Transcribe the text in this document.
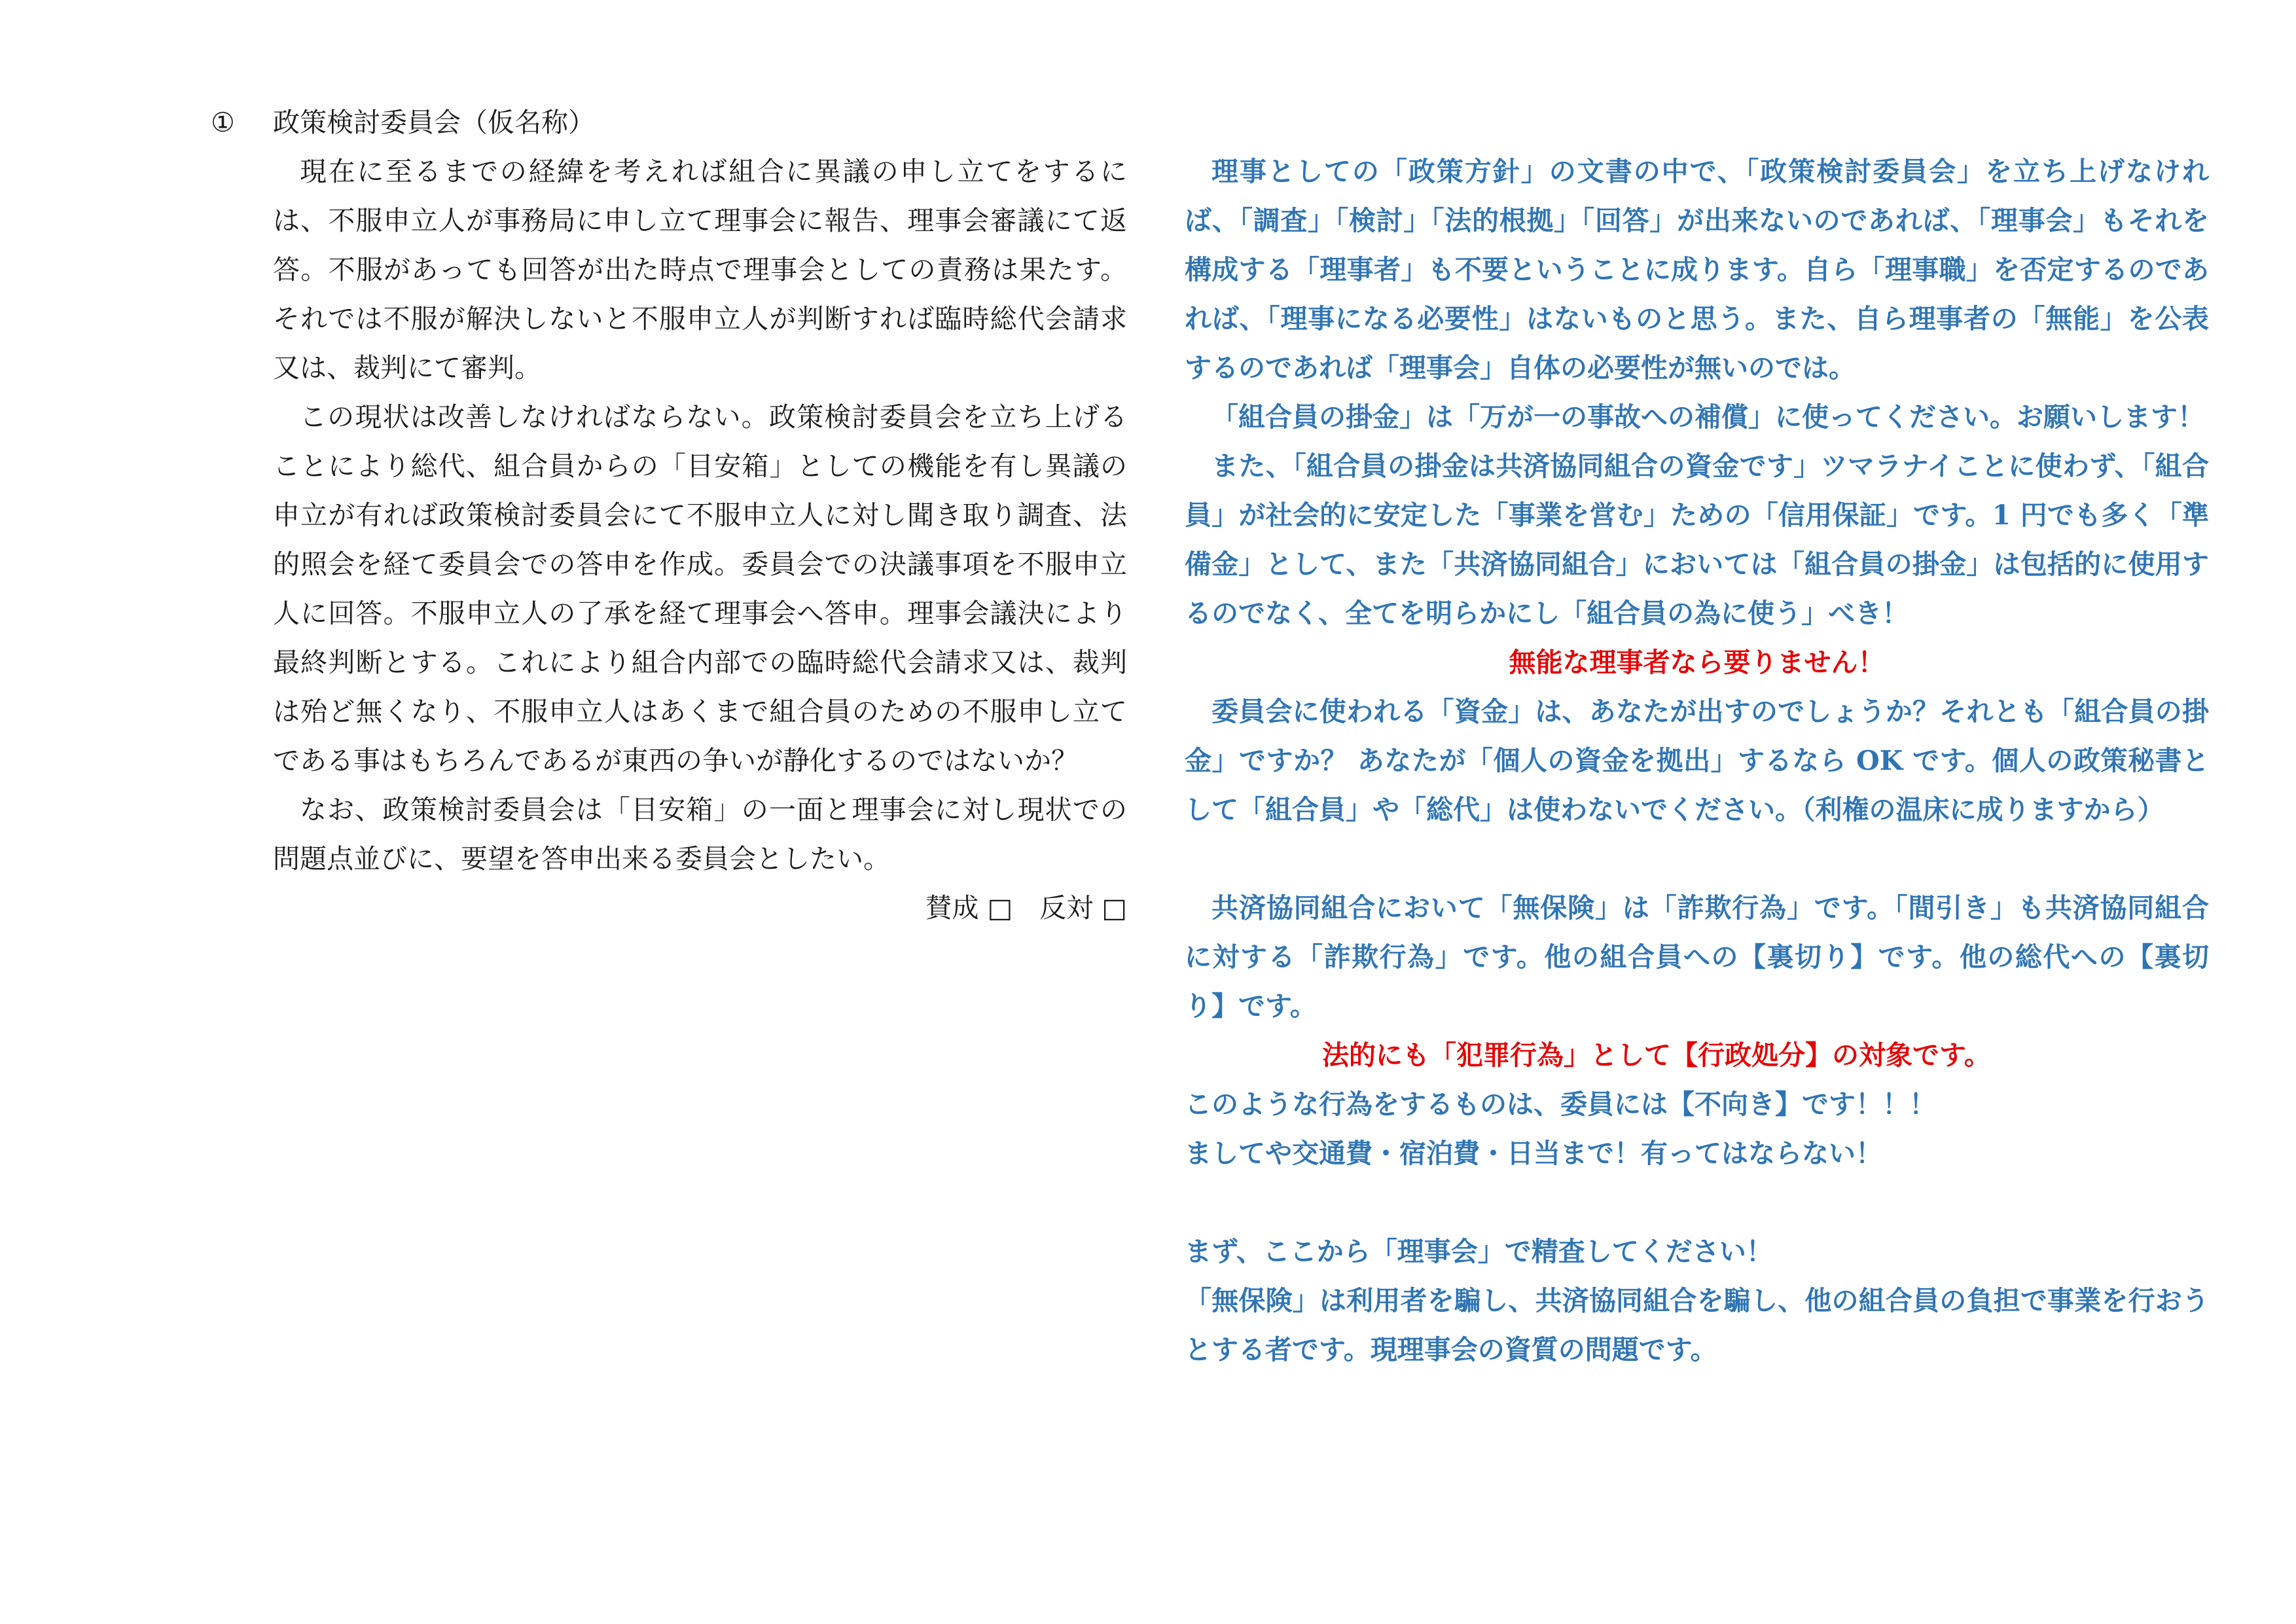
①	政策検討委員会（仮名称）

現在に至るまでの経緯を考えれば組合に異議の申し立てをするには、不服申立人が事務局に申し立て理事会に報告、理事会審議にて返答。不服があっても回答が出た時点で理事会としての責務は果たす。それでは不服が解決しないと不服申立人が判断すれば臨時総代会請求又は、裁判にて審判。

この現状は改善しなければならない。政策検討委員会を立ち上げることにより総代、組合員からの「目安箱」としての機能を有し異議の申立が有れば政策検討委員会にて不服申立人に対し聞き取り調査、法的照会を経て委員会での答申を作成。委員会での決議事項を不服申立人に回答。不服申立人の了承を経て理事会へ答申。理事会議決により最終判断とする。これにより組合内部での臨時総代会請求又は、裁判は殆ど無くなり、不服申立人はあくまで組合員のための不服申し立てである事はもちろんであるが東西の争いが静化するのではないか？

なお、政策検討委員会は「目安箱」の一面と理事会に対し現状での問題点並びに、要望を答申出来る委員会としたい。

賛成 □　反対 □

理事としての「政策方針」の文書の中で、「政策検討委員会」を立ち上げなければ、「調査」「検討」「法的根拠」「回答」が出来ないのであれば、「理事会」もそれを構成する「理事者」も不要ということに成ります。自ら「理事職」を否定するのであれば、「理事になる必要性」はないものと思う。また、自ら理事者の「無能」を公表するのであれば「理事会」自体の必要性が無いのでは。

「組合員の掛金」は「万が一の事故への補償」に使ってください。お願いします！

また、「組合員の掛金は共済協同組合の資金です」ツマラナイことに使わず、「組合員」が社会的に安定した「事業を営む」ための「信用保証」です。1 円でも多く「準備金」として、また「共済協同組合」においては「組合員の掛金」は包括的に使用するのでなく、全てを明らかにし「組合員の為に使う」べき！

無能な理事者なら要りません！

委員会に使われる「資金」は、あなたが出すのでしょうか？それとも「組合員の掛金」ですか？ あなたが「個人の資金を拠出」するなら OK です。個人の政策秘書として「組合員」や「総代」は使わないでください。（利権の温床に成りますから）

共済協同組合において「無保険」は「詐欺行為」です。「間引き」も共済協同組合に対する「詐欺行為」です。他の組合員への【裏切り】です。他の総代への【裏切り】です。

法的にも「犯罪行為」として【行政処分】の対象です。

このような行為をするものは、委員には【不向き】です！！！

ましてや交通費・宿泊費・日当まで！有ってはならない！

まず、ここから「理事会」で精査してください！

「無保険」は利用者を騙し、共済協同組合を騙し、他の組合員の負担で事業を行おうとする者です。現理事会の資質の問題です。
